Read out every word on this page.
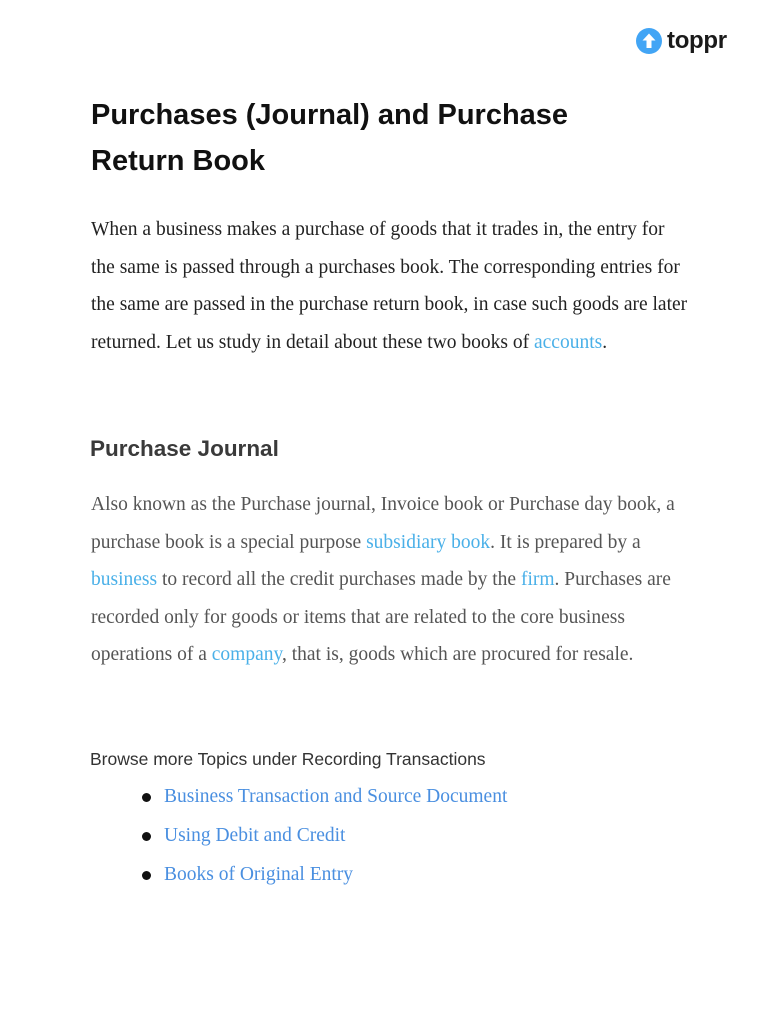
toppr
Purchases (Journal) and Purchase Return Book

When a business makes a purchase of goods that it trades in, the entry for the same is passed through a purchases book. The corresponding entries for the same are passed in the purchase return book, in case such goods are later returned. Let us study in detail about these two books of accounts.

Purchase Journal

Also known as the Purchase journal, Invoice book or Purchase day book, a purchase book is a special purpose subsidiary book. It is prepared by a business to record all the credit purchases made by the firm. Purchases are recorded only for goods or items that are related to the core business operations of a company, that is, goods which are procured for resale.

Browse more Topics under Recording Transactions

Business Transaction and Source Document
Using Debit and Credit
Books of Original Entry
